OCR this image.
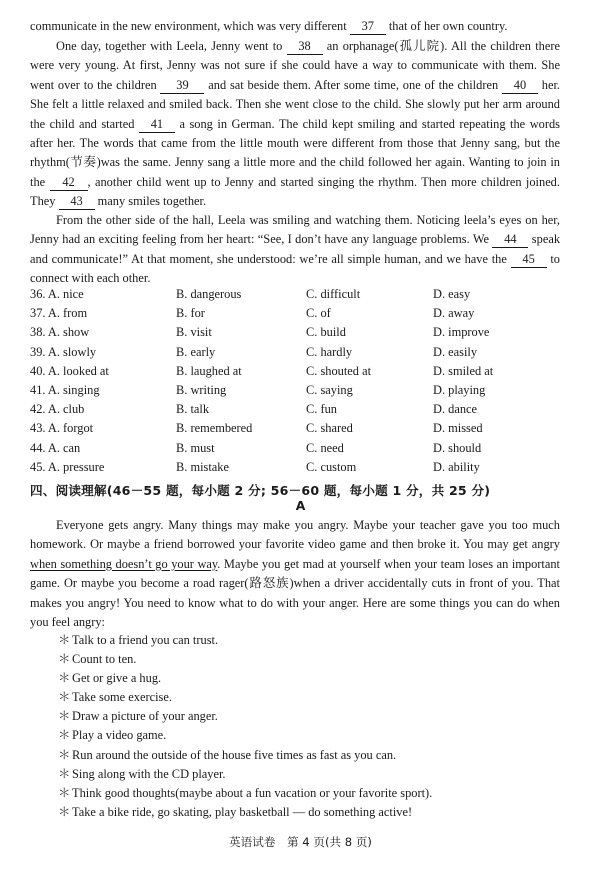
communicate in the new environment, which was very different 37 that of her own country.

One day, together with Leela, Jenny went to 38 an orphanage(孤儿院). All the children there were very young. At first, Jenny was not sure if she could have a way to communicate with them. She went over to the children 39 and sat beside them. After some time, one of the children 40 her. She felt a little relaxed and smiled back. Then she went close to the child. She slowly put her arm around the child and started 41 a song in German. The child kept smiling and started repeating the words after her. The words that came from the little mouth were different from those that Jenny sang, but the rhythm(节奏)was the same. Jenny sang a little more and the child followed her again. Wanting to join in the 42 , another child went up to Jenny and started singing the rhythm. Then more children joined. They 43 many smiles together.

From the other side of the hall, Leela was smiling and watching them. Noticing leela’s eyes on her, Jenny had an exciting feeling from her heart: “See, I don’t have any language problems. We 44 speak and communicate!” At that moment, she understood: we’re all simple human, and we have the 45 to connect with each other.

36. A. nice	B. dangerous	C. difficult	D. easy
37. A. from	B. for	C. of	D. away
38. A. show	B. visit	C. build	D. improve
39. A. slowly	B. early	C. hardly	D. easily
40. A. looked at	B. laughed at	C. shouted at	D. smiled at
41. A. singing	B. writing	C. saying	D. playing
42. A. club	B. talk	C. fun	D. dance
43. A. forgot	B. remembered	C. shared	D. missed
44. A. can	B. must	C. need	D. should
45. A. pressure	B. mistake	C. custom	D. ability
四、阅读理解(46－55 题，每小题 2 分; 56－60 题，每小题 1 分，共 25 分)
A

Everyone gets angry. Many things may make you angry. Maybe your teacher gave you too much homework. Or maybe a friend borrowed your favorite video game and then broke it. You may get angry when something doesn’t go your way. Maybe you get mad at yourself when your team loses an important game. Or maybe you become a road rager(路怒族)when a driver accidentally cuts in front of you. That makes you angry! You need to know what to do with your anger. Here are some things you can do when you feel angry:

＊ Talk to a friend you can trust.
＊ Count to ten.
＊ Get or give a hug.
＊ Take some exercise.
＊ Draw a picture of your anger.
＊ Play a video game.
＊ Run around the outside of the house five times as fast as you can.
＊ Sing along with the CD player.
＊ Think good thoughts(maybe about a fun vacation or your favorite sport).
＊ Take a bike ride, go skating, play basketball — do something active!
英语试卷　第 4 页(共 8 页)
